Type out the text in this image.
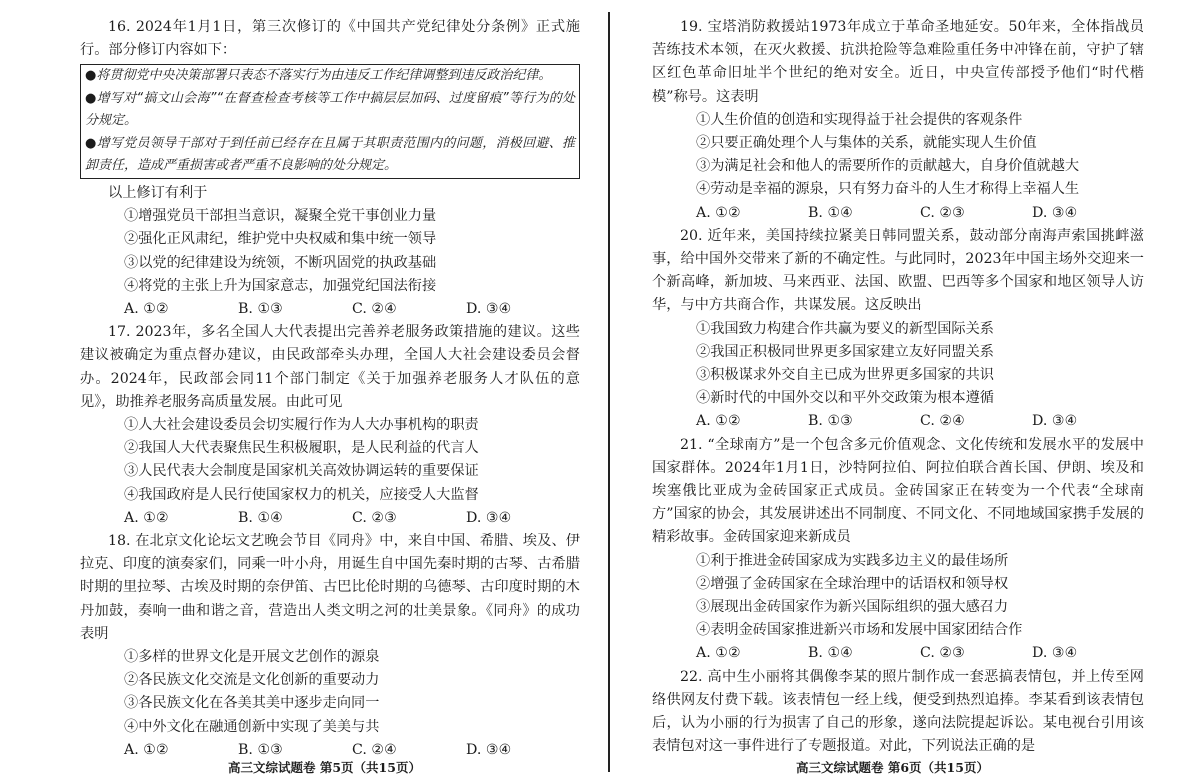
16. 2024年1月1日，第三次修订的《中国共产党纪律处分条例》正式施行。部分修订内容如下：

●将贯彻党中央决策部署只表态不落实行为由违反工作纪律调整到违反政治纪律。

●增写对“搞文山会海”“在督查检查考核等工作中搞层层加码、过度留痕”等行为的处分规定。

●增写党员领导干部对于到任前已经存在且属于其职责范围内的问题，消极回避、推卸责任，造成严重损害或者严重不良影响的处分规定。

以上修订有利于

①增强党员干部担当意识，凝聚全党干事创业力量

②强化正风肃纪，维护党中央权威和集中统一领导

③以党的纪律建设为统领，不断巩固党的执政基础

④将党的主张上升为国家意志，加强党纪国法衔接

A. ①②	B. ①③	C. ②④	D. ③④

17. 2023年，多名全国人大代表提出完善养老服务政策措施的建议。这些建议被确定为重点督办建议，由民政部牵头办理，全国人大社会建设委员会督办。2024年，民政部会同11个部门制定《关于加强养老服务人才队伍的意见》，助推养老服务高质量发展。由此可见

①人大社会建设委员会切实履行作为人大办事机构的职责

②我国人大代表聚焦民生积极履职，是人民利益的代言人

③人民代表大会制度是国家机关高效协调运转的重要保证

④我国政府是人民行使国家权力的机关，应接受人大监督

A. ①②	B. ①④	C. ②③	D. ③④

18. 在北京文化论坛文艺晚会节目《同舟》中，来自中国、希腊、埃及、伊拉克、印度的演奏家们，同乘一叶小舟，用诞生自中国先秦时期的古琴、古希腊时期的里拉琴、古埃及时期的奈伊笛、古巴比伦时期的乌德琴、古印度时期的木丹加鼓，奏响一曲和谐之音，营造出人类文明之河的壮美景象。《同舟》的成功表明

①多样的世界文化是开展文艺创作的源泉

②各民族文化交流是文化创新的重要动力

③各民族文化在各美其美中逐步走向同一

④中外文化在融通创新中实现了美美与共

A. ①②	B. ①③	C. ②④	D. ③④

19. 宝塔消防救援站1973年成立于革命圣地延安。50年来，全体指战员苦练技术本领，在灭火救援、抗洪抢险等急难险重任务中冲锋在前，守护了辖区红色革命旧址半个世纪的绝对安全。近日，中央宣传部授予他们“时代楷模”称号。这表明

①人生价值的创造和实现得益于社会提供的客观条件

②只要正确处理个人与集体的关系，就能实现人生价值

③为满足社会和他人的需要所作的贡献越大，自身价值就越大

④劳动是幸福的源泉，只有努力奋斗的人生才称得上幸福人生

A. ①②	B. ①④	C. ②③	D. ③④

20. 近年来，美国持续拉紧美日韩同盟关系，鼓动部分南海声索国挑衅滋事，给中国外交带来了新的不确定性。与此同时，2023年中国主场外交迎来一个新高峰，新加坡、马来西亚、法国、欧盟、巴西等多个国家和地区领导人访华，与中方共商合作，共谋发展。这反映出

①我国致力构建合作共赢为要义的新型国际关系

②我国正积极同世界更多国家建立友好同盟关系

③积极谋求外交自主已成为世界更多国家的共识

④新时代的中国外交以和平外交政策为根本遵循

A. ①②	B. ①③	C. ②④	D. ③④

21. “全球南方”是一个包含多元价值观念、文化传统和发展水平的发展中国家群体。2024年1月1日，沙特阿拉伯、阿拉伯联合酋长国、伊朗、埃及和埃塞俄比亚成为金砖国家正式成员。金砖国家正在转变为一个代表“全球南方”国家的协会，其发展讲述出不同制度、不同文化、不同地域国家携手发展的精彩故事。金砖国家迎来新成员

①利于推进金砖国家成为实践多边主义的最佳场所

②增强了金砖国家在全球治理中的话语权和领导权

③展现出金砖国家作为新兴国际组织的强大感召力

④表明金砖国家推进新兴市场和发展中国家团结合作

A. ①②	B. ①④	C. ②③	D. ③④

22. 高中生小丽将其偶像李某的照片制作成一套恶搞表情包，并上传至网络供网友付费下载。该表情包一经上线，便受到热烈追捧。李某看到该表情包后，认为小丽的行为损害了自己的形象，遂向法院提起诉讼。某电视台引用该表情包对这一事件进行了专题报道。对此，下列说法正确的是

高三文综试题卷 第5页（共15页）	高三文综试题卷 第6页（共15页）
